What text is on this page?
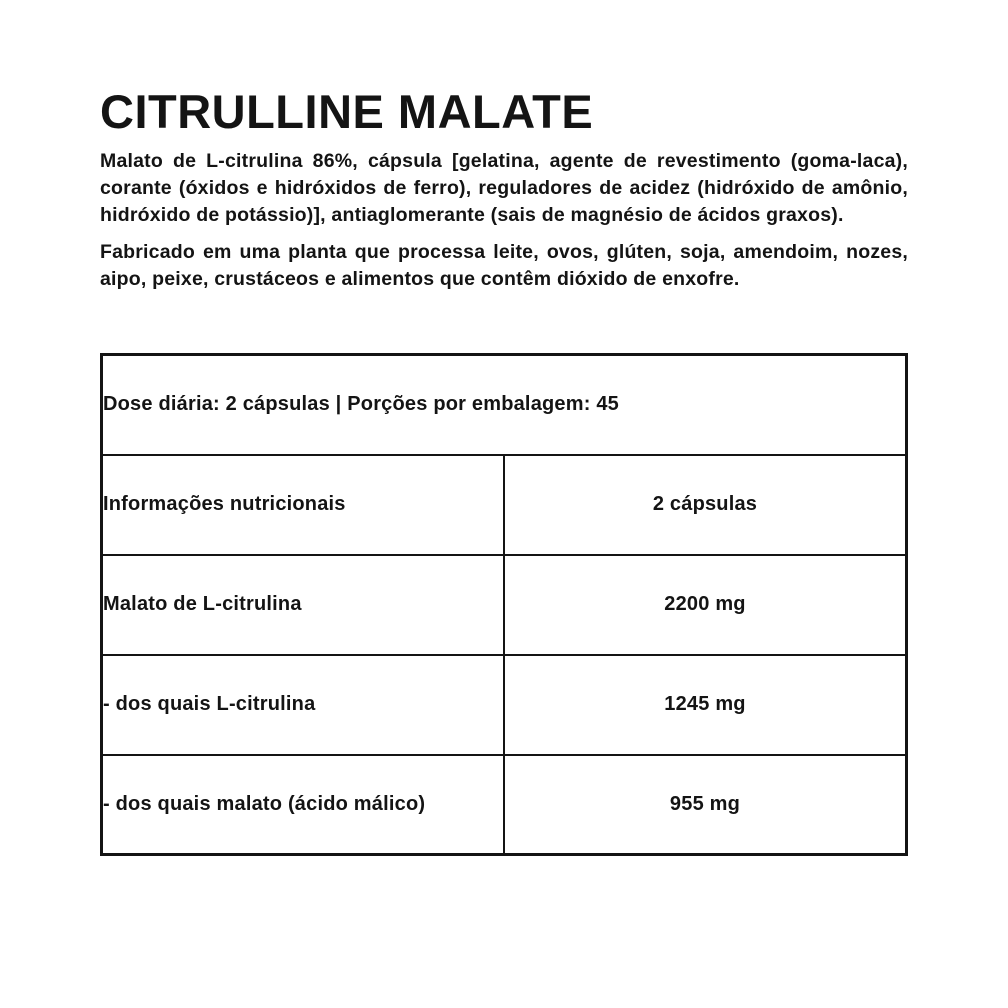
CITRULLINE MALATE

Malato de L-citrulina 86%, cápsula [gelatina, agente de revestimento (goma-laca), corante (óxidos e hidróxidos de ferro), reguladores de acidez (hidróxido de amônio, hidróxido de potássio)], antiaglomerante (sais de magnésio de ácidos graxos).

Fabricado em uma planta que processa leite, ovos, glúten, soja, amendoim, nozes, aipo, peixe, crustáceos e alimentos que contêm dióxido de enxofre.

Dose diária: 2 cápsulas | Porções por embalagem: 45	
Informações nutricionais	2 cápsulas
Malato de L-citrulina	2200 mg
- dos quais L-citrulina	1245 mg
- dos quais malato (ácido málico)	955 mg
